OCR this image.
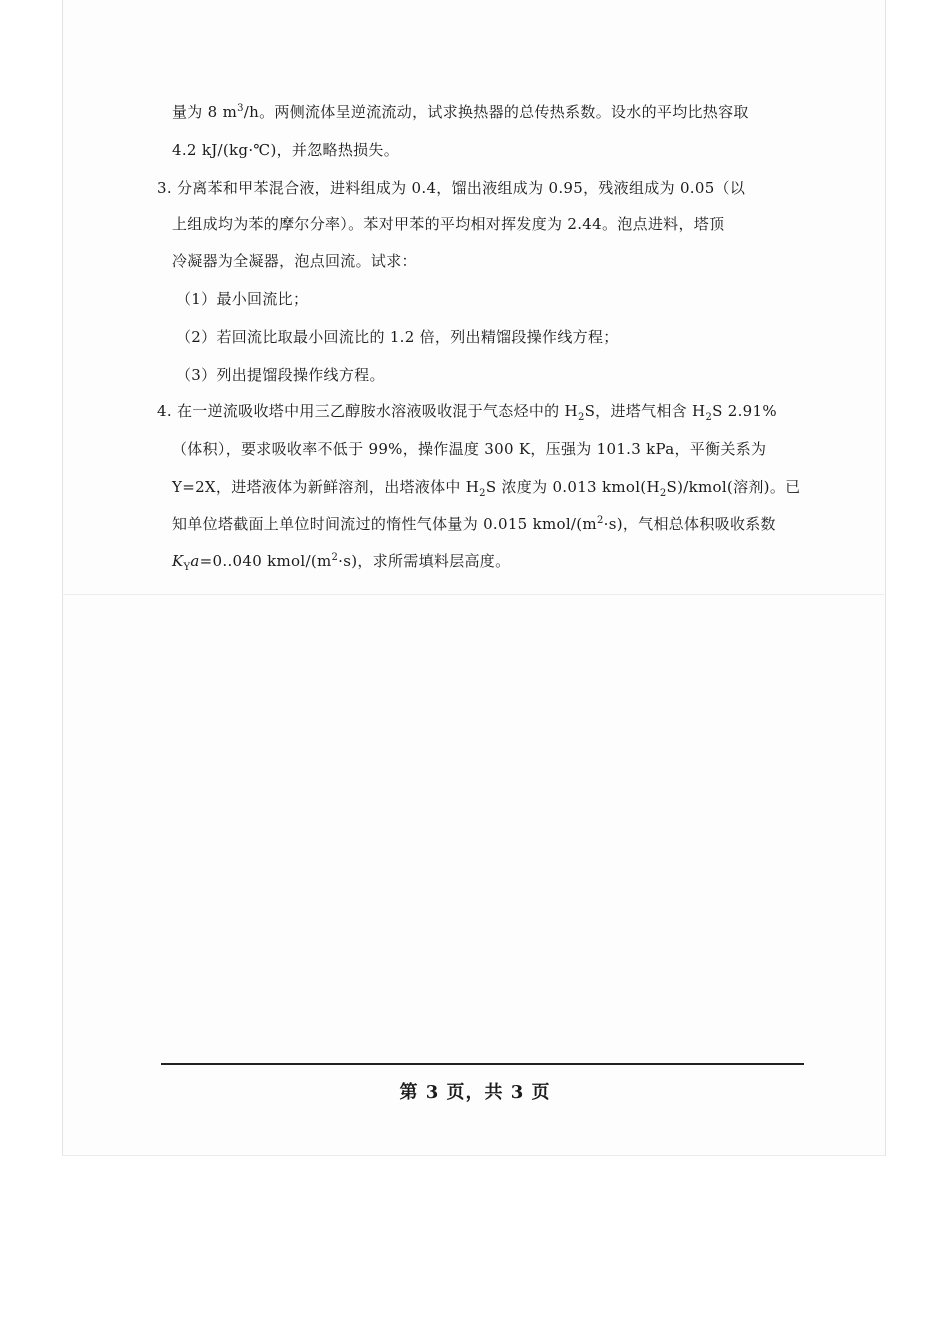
量为 8 $m^3/h$。两侧流体呈逆流流动，试求换热器的总传热系数。设水的平均比热容取
4.2 kJ/(kg·℃)，并忽略热损失。
3. 分离苯和甲苯混合液，进料组成为 0.4，馏出液组成为 0.95，残液组成为 0.05（以
上组成均为苯的摩尔分率）。苯对甲苯的平均相对挥发度为 2.44。泡点进料，塔顶
冷凝器为全凝器，泡点回流。试求：
（1）最小回流比；
（2）若回流比取最小回流比的 1.2 倍，列出精馏段操作线方程；
（3）列出提馏段操作线方程。
4. 在一逆流吸收塔中用三乙醇胺水溶液吸收混于气态烃中的 $H_2S$，进塔气相含 $H_2S$ 2.91%
（体积），要求吸收率不低于 99%，操作温度 300 K，压强为 101.3 kPa，平衡关系为
Y=2X，进塔液体为新鲜溶剂，出塔液体中 $H_2S$ 浓度为 0.013 $kmol(H_2S)/kmol$(溶剂)。已
知单位塔截面上单位时间流过的惰性气体量为 0.015 kmol/$(m^2\cdot s)$，气相总体积吸收系数
$K_Ya=0..040$ kmol/$(m^2\cdot s)$，求所需填料层高度。
第 3 页，共 3 页
